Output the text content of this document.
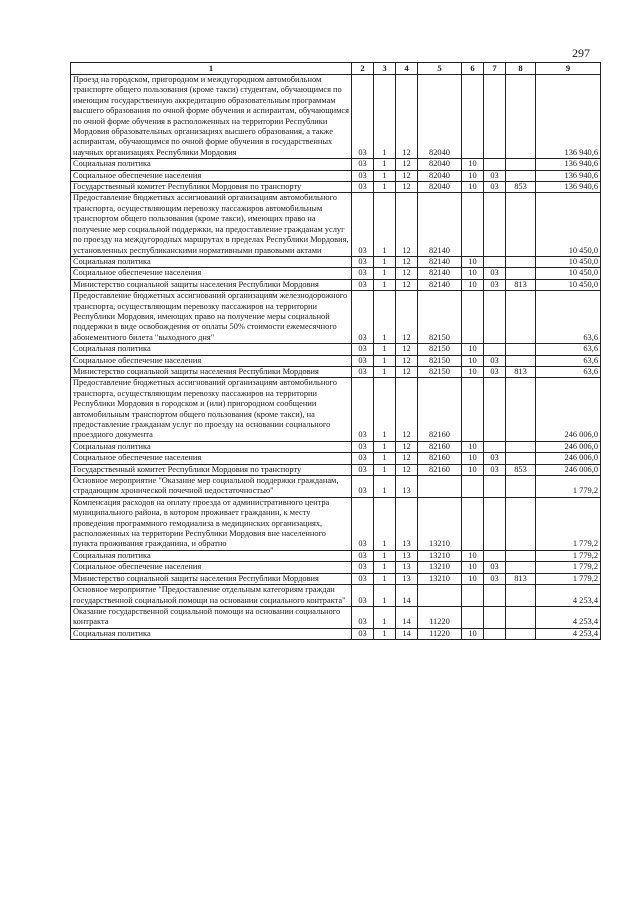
297
1	2	3	4	5	6	7	8	9
Проезд на городском, пригородном и междугородном автомобильном транспорте общего пользования (кроме такси) студентам, обучающимся по имеющим государственную аккредитацию образовательным программам высшего образования по очной форме обучения и аспирантам, обучающимся по очной форме обучения в расположенных на территории Республики Мордовия образовательных организациях высшего образования, а также аспирантам, обучающимся по очной форме обучения в государственных научных организациях Республики Мордовия	03	1	12	82040				136 940,6
Социальная политика	03	1	12	82040	10			136 940,6
Социальное обеспечение населения	03	1	12	82040	10	03		136 940,6
Государственный комитет Республики Мордовия по транспорту	03	1	12	82040	10	03	853	136 940,6
Предоставление бюджетных ассигнований организациям автомобильного транспорта, осуществляющим перевозку пассажиров автомобильным транспортом общего пользования (кроме такси), имеющих право на получение мер социальной поддержки, на предоставление гражданам услуг по проезду на междугородных маршрутах в пределах Республики Мордовия, установленных республиканскими нормативными правовыми актами	03	1	12	82140				10 450,0
Социальная политика	03	1	12	82140	10			10 450,0
Социальное обеспечение населения	03	1	12	82140	10	03		10 450,0
Министерство социальной защиты населения Республики Мордовия	03	1	12	82140	10	03	813	10 450,0
Предоставление бюджетных ассигнований организациям железнодорожного транспорта, осуществляющим перевозку пассажиров на территории Республики Мордовия, имеющих право на получение меры социальной поддержки в виде освобождения от оплаты 50% стоимости ежемесячного абонементного билета "выходного дня"	03	1	12	82150				63,6
Социальная политика	03	1	12	82150	10			63,6
Социальное обеспечение населения	03	1	12	82150	10	03		63,6
Министерство социальной защиты населения Республики Мордовия	03	1	12	82150	10	03	813	63,6
Предоставление бюджетных ассигнований организациям автомобильного транспорта, осуществляющим перевозку пассажиров на территории Республики Мордовия в городском и (или) пригородном сообщении автомобильным транспортом общего пользования (кроме такси), на предоставление гражданам услуг по проезду на основании социального проездного документа	03	1	12	82160				246 006,0
Социальная политика	03	1	12	82160	10			246 006,0
Социальное обеспечение населения	03	1	12	82160	10	03		246 006,0
Государственный комитет Республики Мордовия по транспорту	03	1	12	82160	10	03	853	246 006,0
Основное мероприятие "Оказание мер социальной поддержки гражданам, страдающим хронической почечной недостаточностью"	03	1	13					1 779,2
Компенсация расходов на оплату проезда от административного центра муниципального района, в котором проживает гражданин, к месту проведения программного гемодиализа в медицинских организациях, расположенных на территории Республики Мордовия вне населенного пункта проживания гражданина, и обратно	03	1	13	13210				1 779,2
Социальная политика	03	1	13	13210	10			1 779,2
Социальное обеспечение населения	03	1	13	13210	10	03		1 779,2
Министерство социальной защиты населения Республики Мордовия	03	1	13	13210	10	03	813	1 779,2
Основное мероприятие "Предоставление отдельным категориям граждан государственной социальной помощи на основании социального контракта"	03	1	14					4 253,4
Оказание государственной социальной помощи на основании социального контракта	03	1	14	11220				4 253,4
Социальная политика	03	1	14	11220	10			4 253,4
